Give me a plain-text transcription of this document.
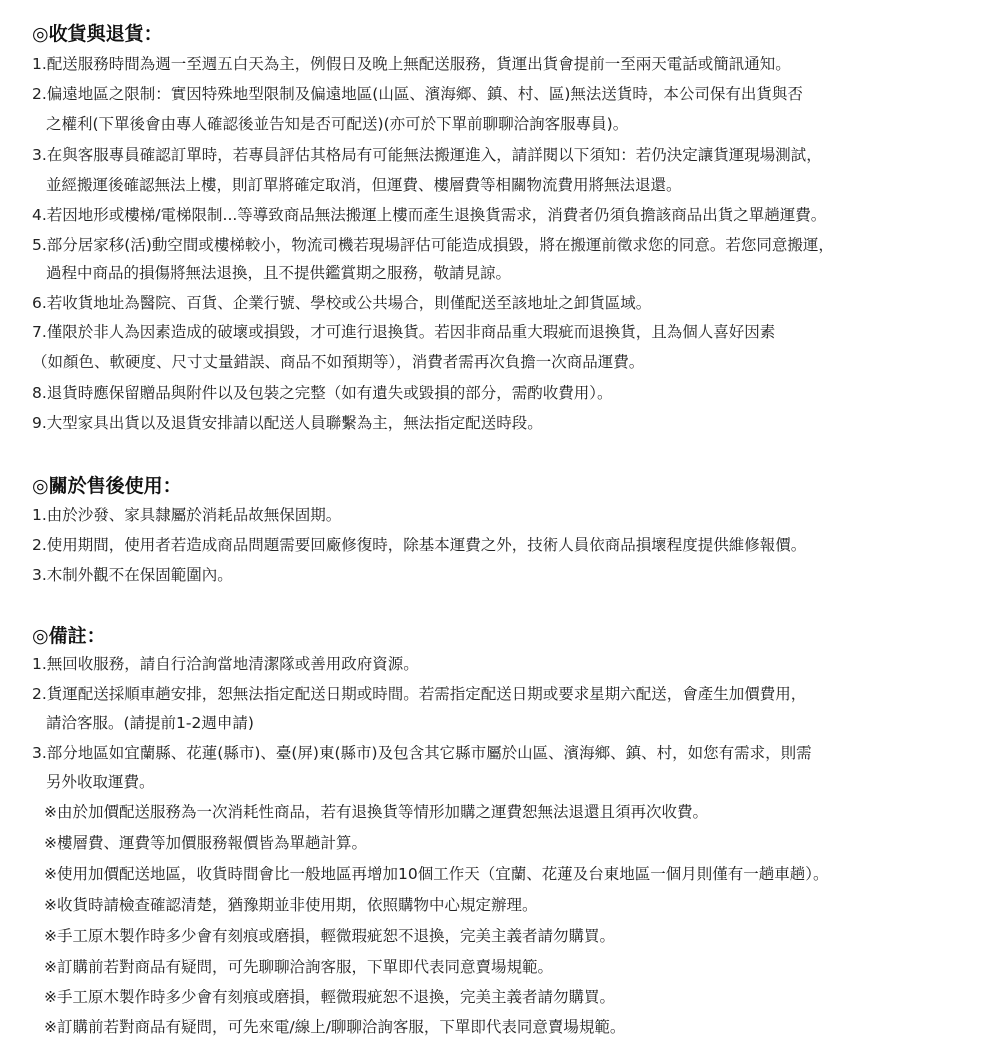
◎收貨與退貨：
1.配送服務時間為週一至週五白天為主，例假日及晚上無配送服務，貨運出貨會提前一至兩天電話或簡訊通知。
2.偏遠地區之限制：實因特殊地型限制及偏遠地區(山區、濱海鄉、鎮、村、區)無法送貨時，本公司保有出貨與否
之權利(下單後會由專人確認後並告知是否可配送)(亦可於下單前聊聊洽詢客服專員)。
3.在與客服專員確認訂單時，若專員評估其格局有可能無法搬運進入，請詳閱以下須知：若仍決定讓貨運現場測試，
並經搬運後確認無法上樓，則訂單將確定取消，但運費、樓層費等相關物流費用將無法退還。
4.若因地形或樓梯/電梯限制...等導致商品無法搬運上樓而產生退換貨需求，消費者仍須負擔該商品出貨之單趟運費。
5.部分居家移(活)動空間或樓梯較小，物流司機若現場評估可能造成損毀，將在搬運前徵求您的同意。若您同意搬運，
過程中商品的損傷將無法退換，且不提供鑑賞期之服務，敬請見諒。
6.若收貨地址為醫院、百貨、企業行號、學校或公共場合，則僅配送至該地址之卸貨區域。
7.僅限於非人為因素造成的破壞或損毀，才可進行退換貨。若因非商品重大瑕疵而退換貨，且為個人喜好因素
（如顏色、軟硬度、尺寸丈量錯誤、商品不如預期等），消費者需再次負擔一次商品運費。
8.退貨時應保留贈品與附件以及包裝之完整（如有遺失或毀損的部分，需酌收費用）。
9.大型家具出貨以及退貨安排請以配送人員聯繫為主，無法指定配送時段。
◎關於售後使用：
1.由於沙發、家具隸屬於消耗品故無保固期。
2.使用期間，使用者若造成商品問題需要回廠修復時，除基本運費之外，技術人員依商品損壞程度提供維修報價。
3.木制外觀不在保固範圍內。
◎備註：
1.無回收服務，請自行洽詢當地清潔隊或善用政府資源。
2.貨運配送採順車趟安排，恕無法指定配送日期或時間。若需指定配送日期或要求星期六配送，會產生加價費用，
請洽客服。(請提前1-2週申請)
3.部分地區如宜蘭縣、花蓮(縣市)、臺(屏)東(縣市)及包含其它縣市屬於山區、濱海鄉、鎮、村，如您有需求，則需
另外收取運費。
※由於加價配送服務為一次消耗性商品，若有退換貨等情形加購之運費恕無法退還且須再次收費。
※樓層費、運費等加價服務報價皆為單趟計算。
※使用加價配送地區，收貨時間會比一般地區再增加10個工作天（宜蘭、花蓮及台東地區一個月則僅有一趟車趟）。
※收貨時請檢查確認清楚，猶豫期並非使用期，依照購物中心規定辦理。
※手工原木製作時多少會有刻痕或磨損，輕微瑕疵恕不退換，完美主義者請勿購買。
※訂購前若對商品有疑問，可先聊聊洽詢客服，下單即代表同意賣場規範。
※手工原木製作時多少會有刻痕或磨損，輕微瑕疵恕不退換，完美主義者請勿購買。
※訂購前若對商品有疑問，可先來電/線上/聊聊洽詢客服，下單即代表同意賣場規範。
